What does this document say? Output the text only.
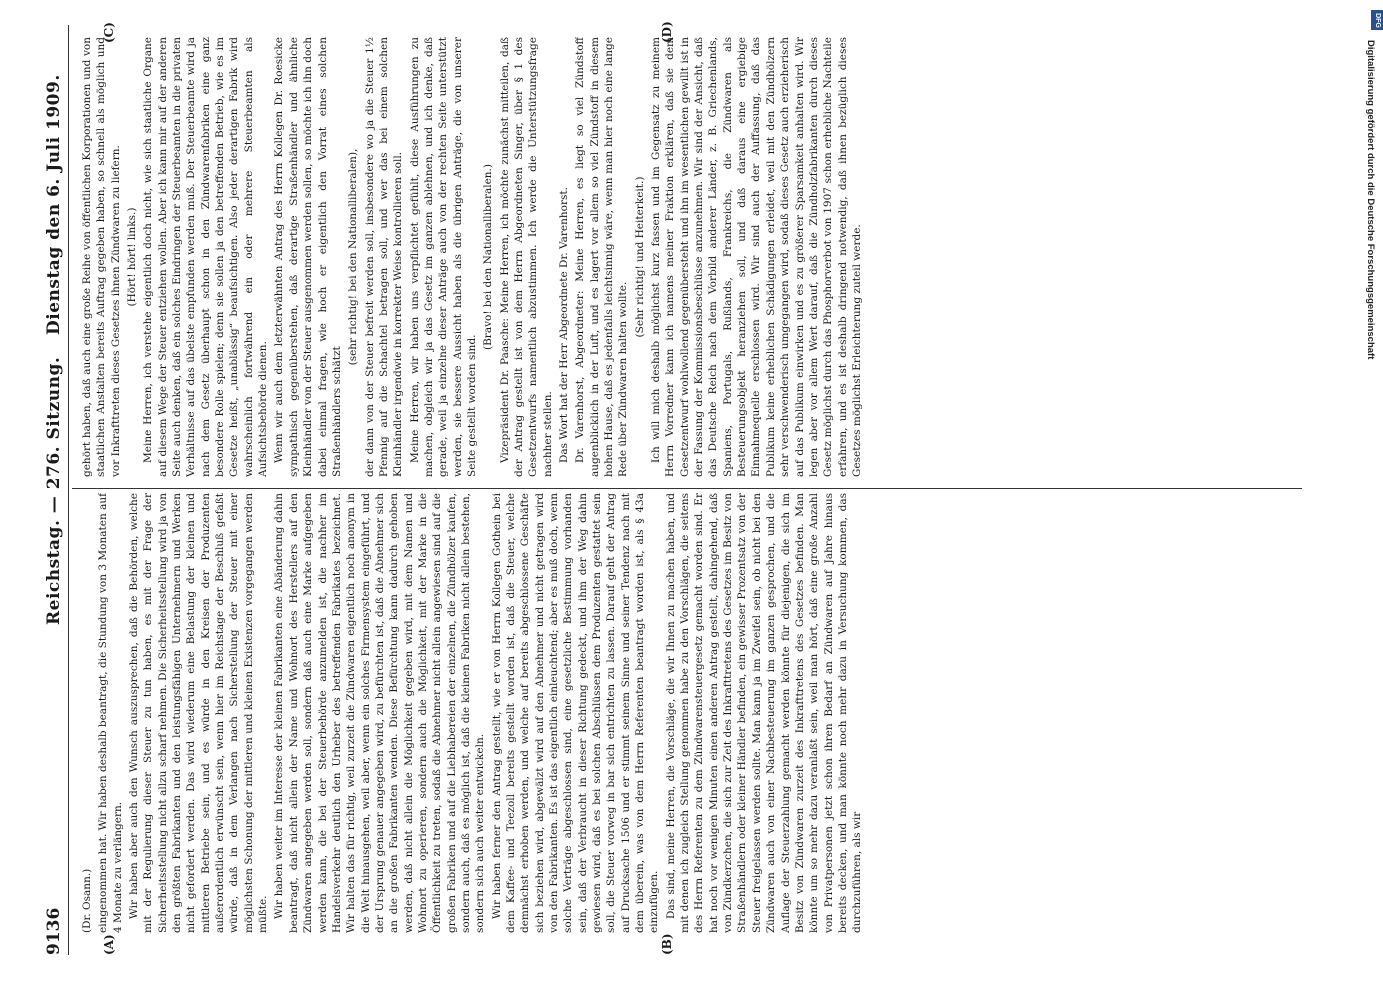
9136
Reichstag. — 276. Sitzung.
Dienstag den 6. Juli 1909.
(A)	(B)
(C)	(D)

(Dr. Osann.) eingenommen hat. Wir haben deshalb beantragt, die Stundung von 3 Monaten auf 4 Monate zu verlängern. Wir haben aber auch den Wunsch auszusprechen, daß die Behörden, welche mit der Regulierung dieser Steuer zu tun haben, es mit der Frage der Sicherheitsstellung nicht allzu scharf nehmen. Die Sicherheitsstellung wird ja von den größten Fabrikanten und den leistungsfähigen Unternehmern und Werken nicht gefordert werden. Das wird wiederum eine Belastung der kleinen und mittleren Betriebe sein, und es würde in den Kreisen der Produzenten außerordentlich erwünscht sein, wenn hier im Reichstage der Beschluß gefaßt würde, daß in dem Verlangen nach Sicherstellung der Steuer mit einer möglichsten Schonung der mittleren und kleinen Existenzen vorgegangen werden müßte. Wir haben weiter im Interesse der kleinen Fabrikanten eine Abänderung dahin beantragt, daß nicht allein der Name und Wohnort des Herstellers auf den Zündwaren angegeben werden soll, sondern daß auch eine Marke aufgegeben werden kann, die bei der Steuerbehörde anzumelden ist, die nachher im Handelsverkehr deutlich den Urheber des betreffenden Fabrikates bezeichnet. Wir halten das für richtig, weil zurzeit die Zündwaren eigentlich noch anonym in die Welt hinausgehen, weil aber, wenn ein solches Firmensystem eingeführt, und der Ursprung genauer angegeben wird, zu befürchten ist, daß die Abnehmer sich an die großen Fabrikanten wenden. Diese Befürchtung kann dadurch gehoben werden, daß nicht allein die Möglichkeit gegeben wird, mit dem Namen und Wohnort zu operieren, sondern auch die Möglichkeit, mit der Marke in die Öffentlichkeit zu treten, sodaß die Abnehmer nicht allein angewiesen sind auf die großen Fabriken und auf die Liebhabereien der einzelnen, die Zündhölzer kaufen, sondern auch, daß es möglich ist, daß die kleinen Fabriken nicht allein bestehen, sondern sich auch weiter entwickeln. Wir haben ferner den Antrag gestellt, wie er von Herrn Kollegen Gothein bei dem Kaffee- und Teezoll bereits gestellt worden ist, daß die Steuer, welche demnächst erhoben werden, und welche auf bereits abgeschlossene Geschäfte sich beziehen wird, abgewälzt wird auf den Abnehmer und nicht getragen wird von den Fabrikanten. Es ist das eigentlich einleuchtend; aber es muß doch, wenn solche Verträge abgeschlossen sind, eine gesetzliche Bestimmung vorhanden sein, daß der Verbraucht in dieser Richtung gedeckt, und ihm der Weg dahin gewiesen wird, daß es bei solchen Abschlüssen dem Produzenten gestattet sein soll, die Steuer vorweg in bar sich entrichten zu lassen. Darauf geht der Antrag auf Drucksache 1506 und er stimmt seinem Sinne und seiner Tendenz nach mit dem überein, was von dem Herrn Referenten beantragt worden ist, als § 43a einzufügen. Das sind, meine Herren, die Vorschläge, die wir Ihnen zu machen haben, und mit denen ich zugleich Stellung genommen habe zu den Vorschlägen, die seitens des Herrn Referenten zu dem Zündwarensteuergesetz gemacht worden sind. Er hat noch vor wenigen Minuten einen anderen Antrag gestellt, dahingehend, daß von Zündkerzchen, die sich zur Zeit des Inkrafttretens des Gesetzes im Besitz von Straßenhändlern oder kleiner Händler befinden, ein gewisser Prozentsatz von der Steuer freigelassen werden sollte. Man kann ja im Zweifel sein, ob nicht bei den Zündwaren auch von einer Nachbesteuerung im ganzen gesprochen, und die Auflage der Steuerzahlung gemacht werden könnte für diejenigen, die sich im Besitz von Zündwaren zurzeit des Inkrafttretens des Gesetzes befinden. Man könnte um so mehr dazu veranlaßt sein, weil man hört, daß eine große Anzahl von Privatpersonen jetzt schon ihren Bedarf an Zündwaren auf Jahre hinaus bereits decken, und man könnte noch mehr dazu in Versuchung kommen, das durchzuführen, als wir

gehört haben, daß auch eine große Reihe von öffentlichen Korporationen und von staatlichen Anstalten bereits Auftrag gegeben haben, so schnell als möglich und vor Inkrafttreten dieses Gesetzes ihnen Zündwaren zu liefern. (Hört! hört! links.) Meine Herren, ich verstehe eigentlich doch nicht, wie sich staatliche Organe auf diesem Wege der Steuer entziehen wollen. Aber ich kann mir auf der anderen Seite auch denken, daß ein solches Eindringen der Steuerbeamten in die privaten Verhältnisse auf das übelste empfunden werden muß. Der Steuerbeamte wird ja nach dem Gesetz überhaupt schon in den Zündwarenfabriken eine ganz besondere Rolle spielen; denn sie sollen ja den betreffenden Betrieb, wie es im Gesetze heißt, „unablässig“ beaufsichtigen. Also jeder derartigen Fabrik wird wahrscheinlich fortwährend ein oder mehrere Steuerbeamten als Aufsichtsbehörde dienen. Wenn wir auch dem letzterwähnten Antrag des Herrn Kollegen Dr. Roesicke sympathisch gegenüberstehen, daß derartige Straßenhändler und ähnliche Kleinhändler von der Steuer ausgenommen werden sollen, so möchte ich ihn doch dabei einmal fragen, wie hoch er eigentlich den Vorrat eines solchen Straßenhändlers schätzt

(sehr richtig! bei den Nationalliberalen), der dann von der Steuer befreit werden soll, insbesondere wo ja die Steuer 1½ Pfennig auf die Schachtel betragen soll, und wer das bei einem solchen Kleinhändler irgendwie in korrekter Weise kontrollieren soll. Meine Herren, wir haben uns verpflichtet gefühlt, diese Ausführungen zu machen, obgleich wir ja das Gesetz im ganzen ablehnen, und ich denke, daß gerade, weil ja einzelne dieser Anträge auch von der rechten Seite unterstützt werden, sie bessere Aussicht haben als die übrigen Anträge, die von unserer Seite gestellt worden sind.

(Bravo! bei den Nationalliberalen.) Vizepräsident Dr. Paasche: Meine Herren, ich möchte zunächst mitteilen, daß der Antrag gestellt ist von dem Herrn Abgeordneten Singer, über § 1 des Gesetzentwurfs namentlich abzustimmen. Ich werde die Unterstützungsfrage nachher stellen. Das Wort hat der Herr Abgeordnete Dr. Varenhorst. Dr. Varenhorst, Abgeordneter: Meine Herren, es liegt so viel Zündstoff augenblicklich in der Luft, und es lagert vor allem so viel Zündstoff in diesem hohen Hause, daß es jedenfalls leichtsinnig wäre, wenn man hier noch eine lange Rede über Zündwaren halten wollte.

(Sehr richtig! und Heiterkeit.) Ich will mich deshalb möglichst kurz fassen und im Gegensatz zu meinem Herrn Vorredner kann ich namens meiner Fraktion erklären, daß sie dem Gesetzentwurf wohlwollend gegenübersteht und ihn im wesentlichen gewillt ist in der Fassung der Kommissionsbeschlüsse anzunehmen. Wir sind der Ansicht, daß das Deutsche Reich nach dem Vorbild anderer Länder, z. B. Griechenlands, Spaniens, Portugals, Rußlands, Frankreichs, die Zündwaren als Besteuerungsobjekt heranziehen soll, und daß daraus eine ergiebige Einnahmequelle erschlossen wird. Wir sind auch der Auffassung, daß das Publikum keine erheblichen Schädigungen erleidet, weil mit den Zündhölzern sehr verschwenderisch umgegangen wird, sodaß dieses Gesetz auch erzieherisch auf das Publikum einwirken und es zu größerer Sparsamkeit anhalten wird. Wir legen aber vor allem Wert darauf, daß die Zündholzfabrikanten durch dieses Gesetz möglichst durch das Phosphorverbot von 1907 schon erhebliche Nachteile erfahren, und es ist deshalb dringend notwendig, daß ihnen bezüglich dieses Gesetzes möglichst Erleichterung zuteil werde.

DFG
Digitalisierung gefördert durch die Deutsche Forschungsgemeinschaft
